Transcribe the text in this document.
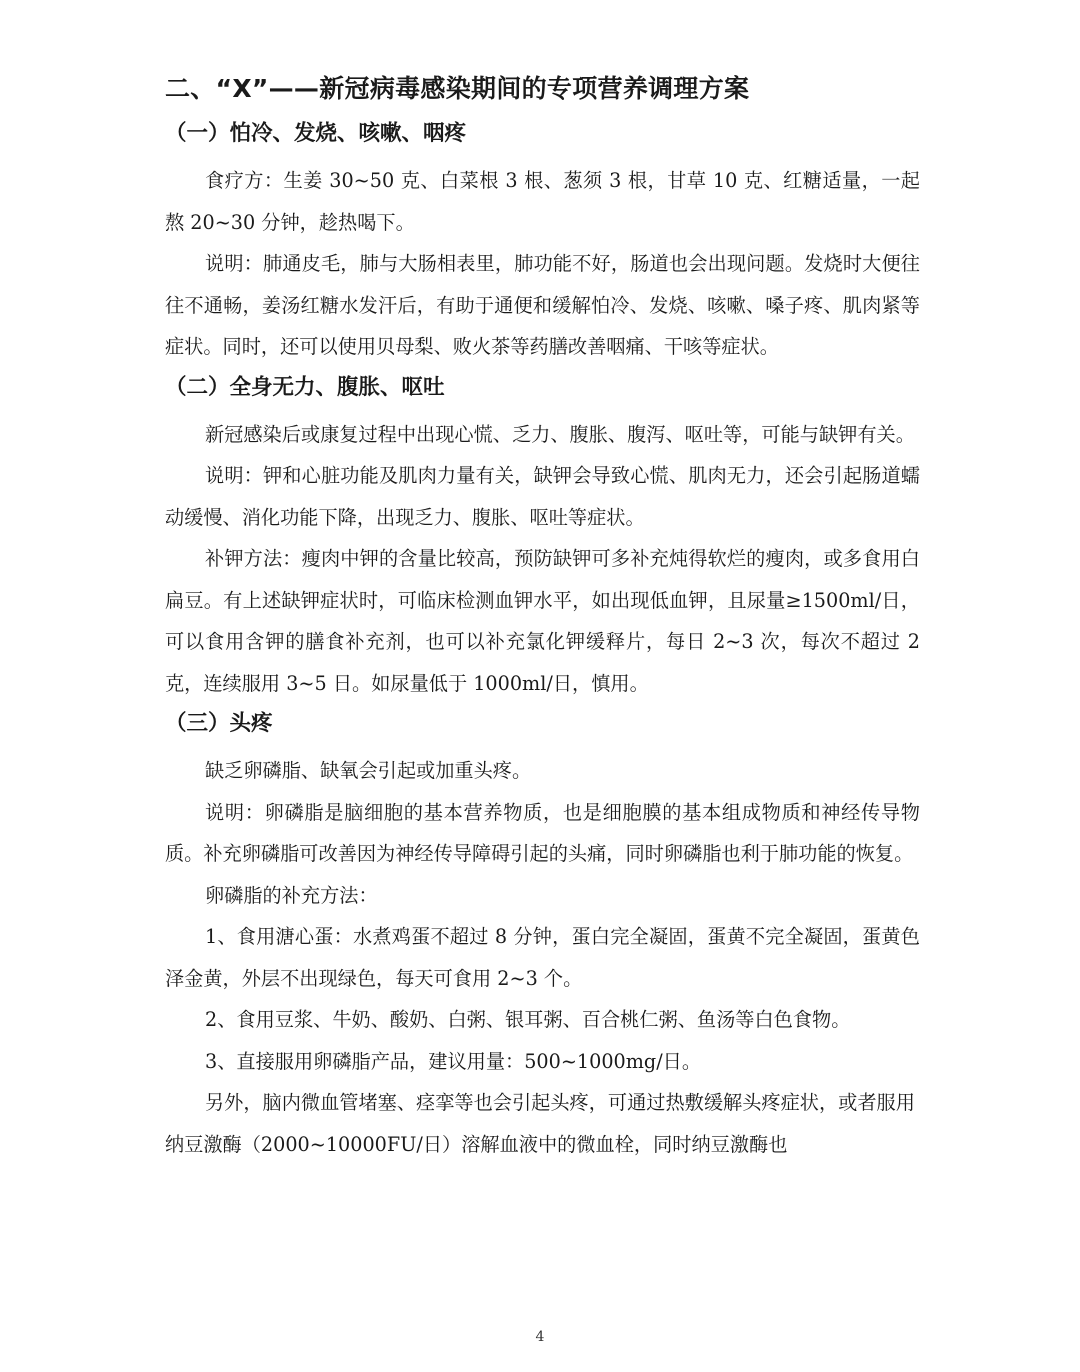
二、“X”——新冠病毒感染期间的专项营养调理方案
（一）怕冷、发烧、咳嗽、咽疼

食疗方：生姜 30~50 克、白菜根 3 根、葱须 3 根，甘草 10 克、红糖适量，一起熬 20~30 分钟，趁热喝下。

说明：肺通皮毛，肺与大肠相表里，肺功能不好，肠道也会出现问题。发烧时大便往往不通畅，姜汤红糖水发汗后，有助于通便和缓解怕冷、发烧、咳嗽、嗓子疼、肌肉紧等症状。同时，还可以使用贝母梨、败火茶等药膳改善咽痛、干咳等症状。

（二）全身无力、腹胀、呕吐

新冠感染后或康复过程中出现心慌、乏力、腹胀、腹泻、呕吐等，可能与缺钾有关。

说明：钾和心脏功能及肌肉力量有关，缺钾会导致心慌、肌肉无力，还会引起肠道蠕动缓慢、消化功能下降，出现乏力、腹胀、呕吐等症状。

补钾方法：瘦肉中钾的含量比较高，预防缺钾可多补充炖得软烂的瘦肉，或多食用白扁豆。有上述缺钾症状时，可临床检测血钾水平，如出现低血钾，且尿量≥1500ml/日，可以食用含钾的膳食补充剂，也可以补充氯化钾缓释片，每日 2~3 次，每次不超过 2 克，连续服用 3~5 日。如尿量低于 1000ml/日，慎用。

（三）头疼

缺乏卵磷脂、缺氧会引起或加重头疼。

说明：卵磷脂是脑细胞的基本营养物质，也是细胞膜的基本组成物质和神经传导物质。补充卵磷脂可改善因为神经传导障碍引起的头痛，同时卵磷脂也利于肺功能的恢复。

卵磷脂的补充方法：

1、食用溏心蛋：水煮鸡蛋不超过 8 分钟，蛋白完全凝固，蛋黄不完全凝固，蛋黄色泽金黄，外层不出现绿色，每天可食用 2~3 个。

2、食用豆浆、牛奶、酸奶、白粥、银耳粥、百合桃仁粥、鱼汤等白色食物。

3、直接服用卵磷脂产品，建议用量：500~1000mg/日。

另外，脑内微血管堵塞、痉挛等也会引起头疼，可通过热敷缓解头疼症状，或者服用纳豆激酶（2000~10000FU/日）溶解血液中的微血栓，同时纳豆激酶也

4
